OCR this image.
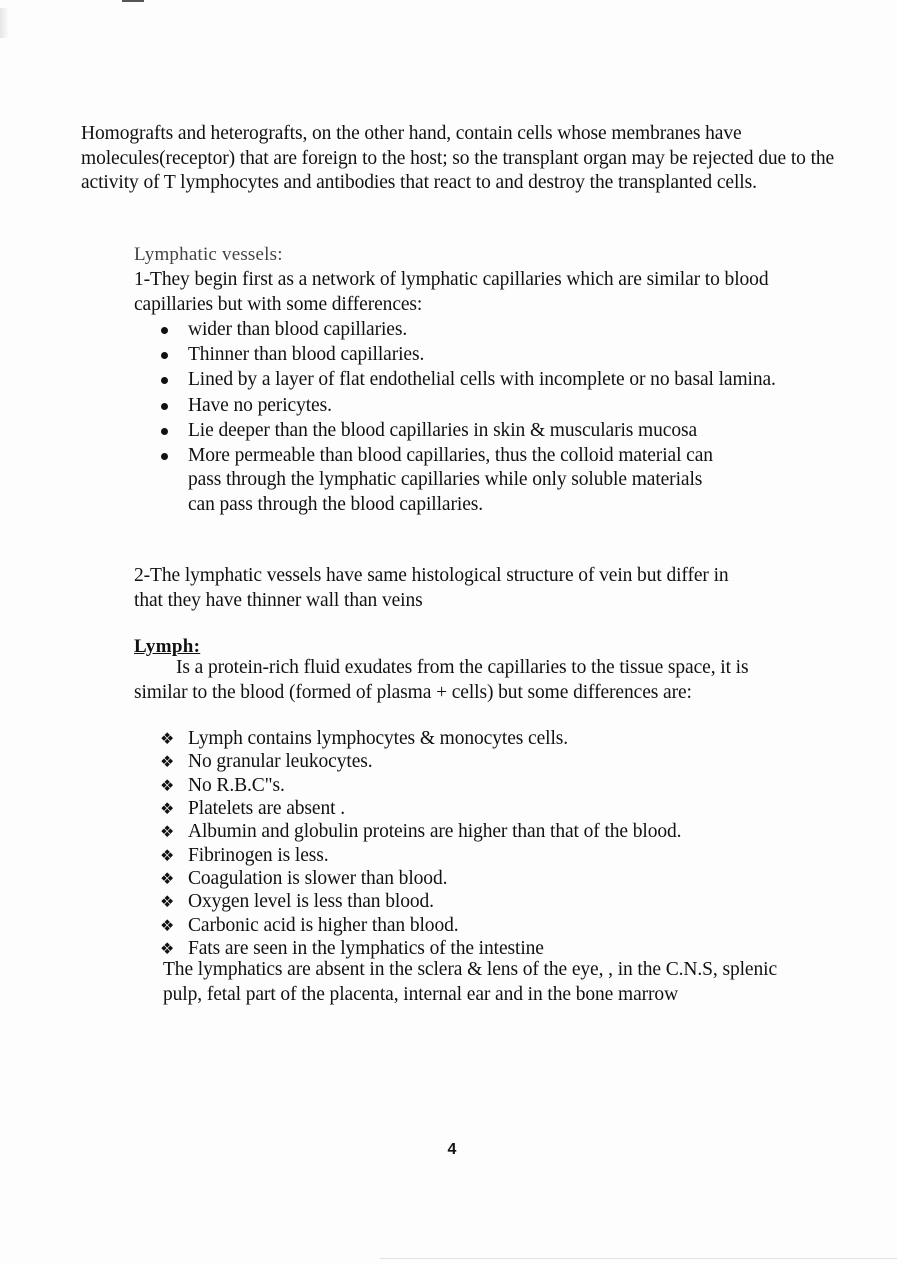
Homografts and heterografts, on the other hand, contain cells whose membranes have molecules(receptor) that are foreign to the host; so the transplant organ may be rejected due to the activity of T lymphocytes and antibodies that react to and destroy the transplanted cells.

Lymphatic vessels:

1-They begin first as a network of lymphatic capillaries which are similar to blood capillaries but with some differences:

wider than blood capillaries.
Thinner than blood capillaries.
Lined by a layer of flat endothelial cells with incomplete or no basal lamina.
Have no pericytes.
Lie deeper than the blood capillaries in skin & muscularis mucosa
More permeable than blood capillaries, thus the colloid material can pass through the lymphatic capillaries while only soluble materials can pass through the blood capillaries.

2-The lymphatic vessels have same histological structure of vein but differ in that they have thinner wall than veins

Lymph:

Is a protein-rich fluid exudates from the capillaries to the tissue space, it is similar to the blood (formed of plasma + cells) but some differences are:

❖ Lymph contains lymphocytes & monocytes cells.
❖ No granular leukocytes.
❖ No R.B.C"s.
❖ Platelets are absent .
❖ Albumin and globulin proteins are higher than that of the blood.
❖ Fibrinogen is less.
❖ Coagulation is slower than blood.
❖ Oxygen level is less than blood.
❖ Carbonic acid is higher than blood.
❖ Fats are seen in the lymphatics of the intestine

The lymphatics are absent in the sclera & lens of the eye, , in the C.N.S, splenic pulp, fetal part of the placenta, internal ear and in the bone marrow

4
